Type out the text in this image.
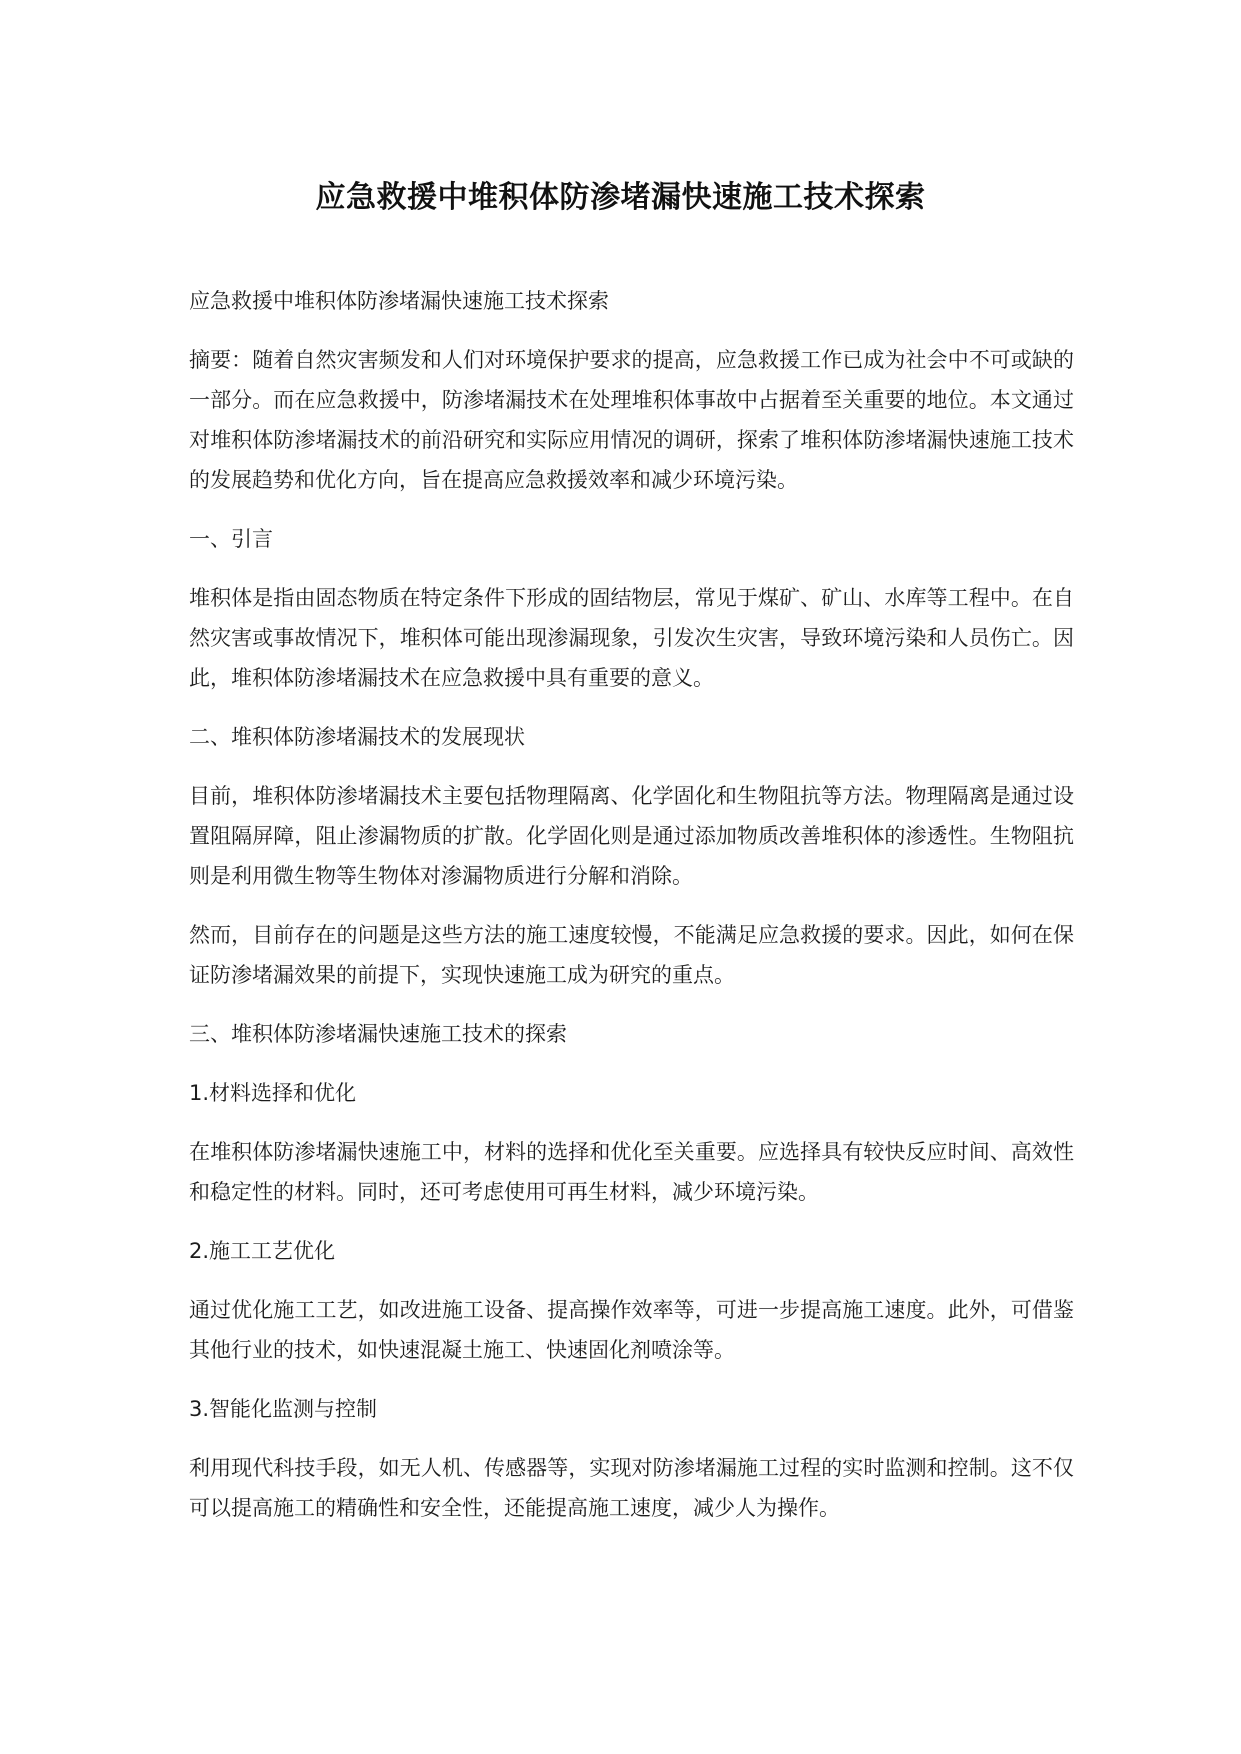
应急救援中堆积体防渗堵漏快速施工技术探索
应急救援中堆积体防渗堵漏快速施工技术探索
摘要：随着自然灾害频发和人们对环境保护要求的提高，应急救援工作已成为社会中不可或缺的一部分。而在应急救援中，防渗堵漏技术在处理堆积体事故中占据着至关重要的地位。本文通过对堆积体防渗堵漏技术的前沿研究和实际应用情况的调研，探索了堆积体防渗堵漏快速施工技术的发展趋势和优化方向，旨在提高应急救援效率和减少环境污染。
一、引言
堆积体是指由固态物质在特定条件下形成的固结物层，常见于煤矿、矿山、水库等工程中。在自然灾害或事故情况下，堆积体可能出现渗漏现象，引发次生灾害，导致环境污染和人员伤亡。因此，堆积体防渗堵漏技术在应急救援中具有重要的意义。
二、堆积体防渗堵漏技术的发展现状
目前，堆积体防渗堵漏技术主要包括物理隔离、化学固化和生物阻抗等方法。物理隔离是通过设置阻隔屏障，阻止渗漏物质的扩散。化学固化则是通过添加物质改善堆积体的渗透性。生物阻抗则是利用微生物等生物体对渗漏物质进行分解和消除。
然而，目前存在的问题是这些方法的施工速度较慢，不能满足应急救援的要求。因此，如何在保证防渗堵漏效果的前提下，实现快速施工成为研究的重点。
三、堆积体防渗堵漏快速施工技术的探索
1.材料选择和优化
在堆积体防渗堵漏快速施工中，材料的选择和优化至关重要。应选择具有较快反应时间、高效性和稳定性的材料。同时，还可考虑使用可再生材料，减少环境污染。
2.施工工艺优化
通过优化施工工艺，如改进施工设备、提高操作效率等，可进一步提高施工速度。此外，可借鉴其他行业的技术，如快速混凝土施工、快速固化剂喷涂等。
3.智能化监测与控制
利用现代科技手段，如无人机、传感器等，实现对防渗堵漏施工过程的实时监测和控制。这不仅可以提高施工的精确性和安全性，还能提高施工速度，减少人为操作。
